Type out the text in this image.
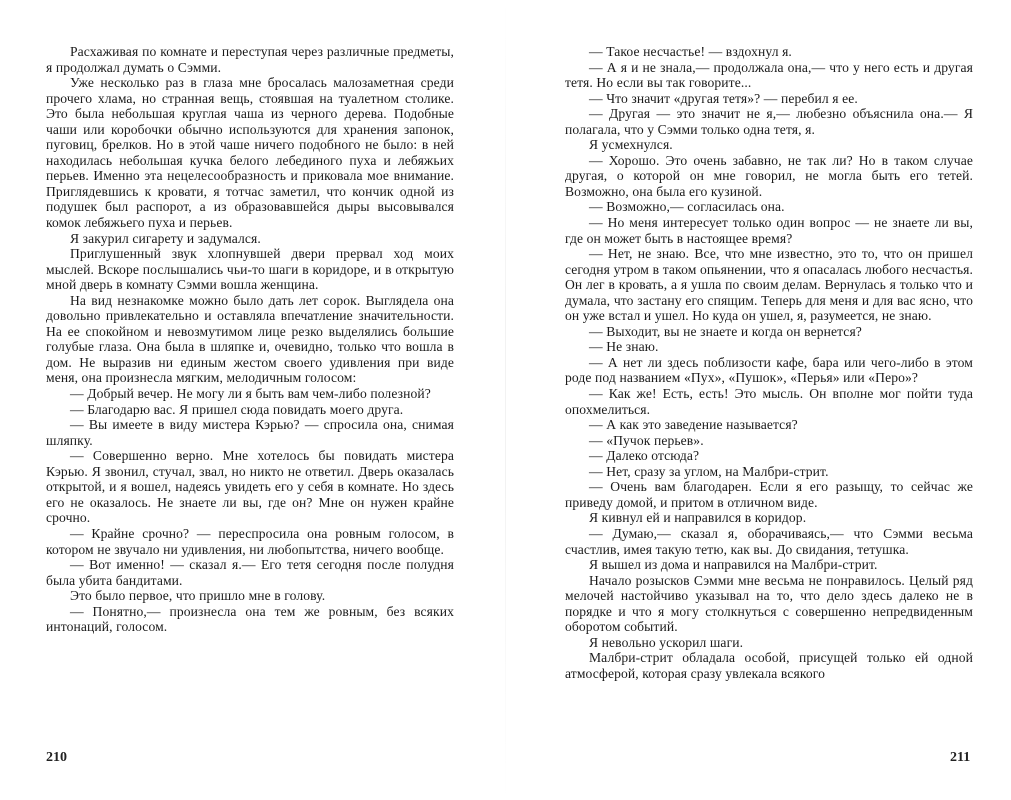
Расхаживая по комнате и переступая через различные предметы, я продолжал думать о Сэмми.

Уже несколько раз в глаза мне бросалась малозаметная среди прочего хлама, но странная вещь, стоявшая на туалетном столике. Это была небольшая круглая чаша из черного дерева. Подобные чаши или коробочки обычно используются для хранения запонок, пуговиц, брелков. Но в этой чаше ничего подобного не было: в ней находилась небольшая кучка белого лебединого пуха и лебяжьих перьев. Именно эта нецелесообразность и приковала мое внимание. Приглядевшись к кровати, я тотчас заметил, что кончик одной из подушек был распорот, а из образовавшейся дыры высовывался комок лебяжьего пуха и перьев.

Я закурил сигарету и задумался.

Приглушенный звук хлопнувшей двери прервал ход моих мыслей. Вскоре послышались чьи-то шаги в коридоре, и в открытую мной дверь в комнату Сэмми вошла женщина.

На вид незнакомке можно было дать лет сорок. Выглядела она довольно привлекательно и оставляла впечатление значительности. На ее спокойном и невозмутимом лице резко выделялись большие голубые глаза. Она была в шляпке и, очевидно, только что вошла в дом. Не выразив ни единым жестом своего удивления при виде меня, она произнесла мягким, мелодичным голосом:

— Добрый вечер. Не могу ли я быть вам чем-либо полезной?

— Благодарю вас. Я пришел сюда повидать моего друга.

— Вы имеете в виду мистера Кэрью? — спросила она, снимая шляпку.

— Совершенно верно. Мне хотелось бы повидать мистера Кэрью. Я звонил, стучал, звал, но никто не ответил. Дверь оказалась открытой, и я вошел, надеясь увидеть его у себя в комнате. Но здесь его не оказалось. Не знаете ли вы, где он? Мне он нужен крайне срочно.

— Крайне срочно? — переспросила она ровным голосом, в котором не звучало ни удивления, ни любопытства, ничего вообще.

— Вот именно! — сказал я.— Его тетя сегодня после полудня была убита бандитами.

Это было первое, что пришло мне в голову.

— Понятно,— произнесла она тем же ровным, без всяких интонаций, голосом.

210

— Такое несчастье! — вздохнул я.

— А я и не знала,— продолжала она,— что у него есть и другая тетя. Но если вы так говорите...

— Что значит «другая тетя»? — перебил я ее.

— Другая — это значит не я,— любезно объяснила она.— Я полагала, что у Сэмми только одна тетя, я.

Я усмехнулся.

— Хорошо. Это очень забавно, не так ли? Но в таком случае другая, о которой он мне говорил, не могла быть его тетей. Возможно, она была его кузиной.

— Возможно,— согласилась она.

— Но меня интересует только один вопрос — не знаете ли вы, где он может быть в настоящее время?

— Нет, не знаю. Все, что мне известно, это то, что он пришел сегодня утром в таком опьянении, что я опасалась любого несчастья. Он лег в кровать, а я ушла по своим делам. Вернулась я только что и думала, что застану его спящим. Теперь для меня и для вас ясно, что он уже встал и ушел. Но куда он ушел, я, разумеется, не знаю.

— Выходит, вы не знаете и когда он вернется?

— Не знаю.

— А нет ли здесь поблизости кафе, бара или чего-либо в этом роде под названием «Пух», «Пушок», «Перья» или «Перо»?

— Как же! Есть, есть! Это мысль. Он вполне мог пойти туда опохмелиться.

— А как это заведение называется?

— «Пучок перьев».

— Далеко отсюда?

— Нет, сразу за углом, на Малбри-стрит.

— Очень вам благодарен. Если я его разыщу, то сейчас же приведу домой, и притом в отличном виде.

Я кивнул ей и направился в коридор.

— Думаю,— сказал я, оборачиваясь,— что Сэмми весьма счастлив, имея такую тетю, как вы. До свидания, тетушка.

Я вышел из дома и направился на Малбри-стрит.

Начало розысков Сэмми мне весьма не понравилось. Целый ряд мелочей настойчиво указывал на то, что дело здесь далеко не в порядке и что я могу столкнуться с совершенно непредвиденным оборотом событий.

Я невольно ускорил шаги.

Малбри-стрит обладала особой, присущей только ей одной атмосферой, которая сразу увлекала всякого

211
